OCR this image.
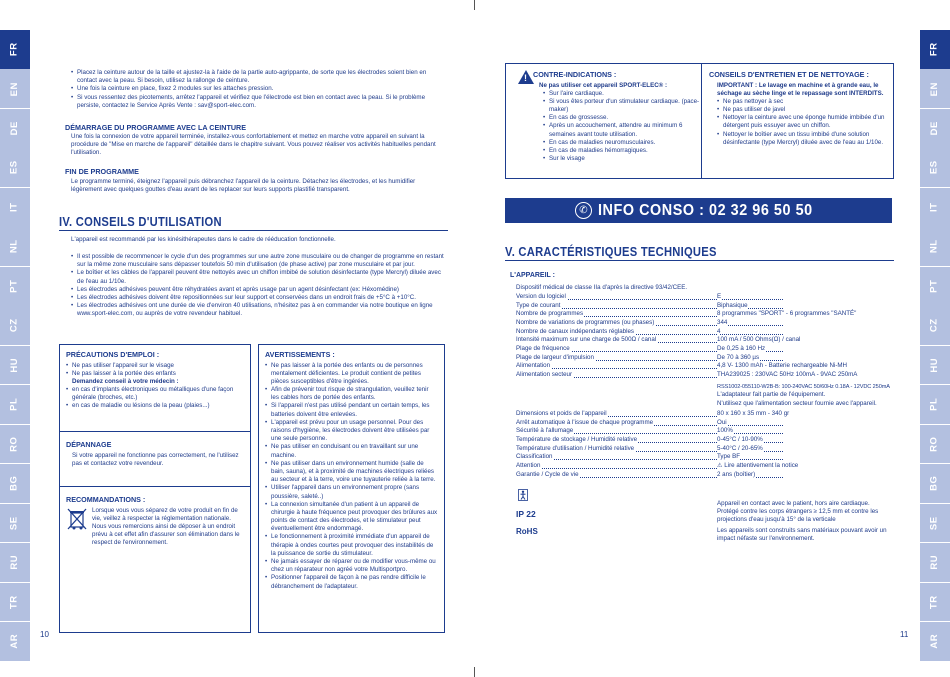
FR
EN
DE
ES
IT
NL
PT
CZ
HU
PL
RO
BG
SE
RU
TR
AR
FR
EN
DE
ES
IT
NL
PT
CZ
HU
PL
RO
BG
SE
RU
TR
AR
• Placez la ceinture autour de la taille et ajustez-la à l'aide de la partie auto-agrippante, de sorte que les électrodes soient bien en contact avec la peau. Si besoin, utilisez la rallonge de ceinture.
• Une fois la ceinture en place, fixez 2 modules sur les attaches pression.
• Si vous ressentez des picotements, arrêtez l'appareil et vérifiez que l'électrode est bien en contact avec la peau. Si le problème persiste, contactez le Service Après Vente : sav@sport-elec.com.
DÉMARRAGE DU PROGRAMME AVEC LA CEINTURE
Une fois la connexion de votre appareil terminée, installez-vous confortablement et mettez en marche votre appareil en suivant la procédure de "Mise en marche de l'appareil" détaillée dans le chapitre suivant. Vous pouvez réaliser vos activités habituelles pendant l'utilisation.
FIN DE PROGRAMME
Le programme terminé, éteignez l'appareil puis débranchez l'appareil de la ceinture. Détachez les électrodes, et les humidifier légèrement avec quelques gouttes d'eau avant de les replacer sur leurs supports plastifié transparent.
IV. CONSEILS D'UTILISATION
L'appareil est recommandé par les kinésithérapeutes dans le cadre de rééducation fonctionnelle.
• Il est possible de recommencer le cycle d'un des programmes sur une autre zone musculaire ou de changer de programme en restant sur la même zone musculaire sans dépasser toutefois 50 min d'utilisation (de phase active) par zone musculaire et par jour.
• Le boîtier et les câbles de l'appareil peuvent être nettoyés avec un chiffon imbibé de solution désinfectante (type Mercryl) diluée avec de l'eau au 1/10e.
• Les électrodes adhésives peuvent être réhydratées avant et après usage par un agent désinfectant (ex: Héxomédine)
• Les électrodes adhésives doivent être repositionnées sur leur support et conservées dans un endroit frais de +5°C à +10°C.
• Les électrodes adhésives ont une durée de vie d'environ 40 utilisations, n'hésitez pas à en commander via notre boutique en ligne www.sport-elec.com, ou auprès de votre revendeur habituel.
PRÉCAUTIONS D'EMPLOI :
• Ne pas utiliser l'appareil sur le visage
• Ne pas laisser à la portée des enfants
Demandez conseil à votre médecin :
• en cas d'implants électroniques ou métalliques d'une façon générale (broches, etc.)
• en cas de maladie ou lésions de la peau (plaies...)
DÉPANNAGE
Si votre appareil ne fonctionne pas correctement, ne l'utilisez pas et contactez votre revendeur.
RECOMMANDATIONS :
Lorsque vous vous séparez de votre produit en fin de vie, veillez à respecter la réglementation nationale. Nous vous remercions ainsi de déposer à un endroit prévu à cet effet afin d'assurer son élimination dans le respect de l'environnement.
AVERTISSEMENTS :
• Ne pas laisser à la portée des enfants ou de personnes mentalement déficientes. Le produit contient de petites pièces susceptibles d'être ingérées.
• Afin de prévenir tout risque de strangulation, veuillez tenir les cables hors de portée des enfants.
• Si l'appareil n'est pas utilisé pendant un certain temps, les batteries doivent être enlevées.
• L'appareil est prévu pour un usage personnel. Pour des raisons d'hygiène, les électrodes doivent être utilisées par une seule personne.
• Ne pas utiliser en conduisant ou en travaillant sur une machine.
• Ne pas utiliser dans un environnement humide (salle de bain, sauna), et à proximité de machines électriques reliées au secteur et à la terre, voire une tuyauterie reliée à la terre.
• Utiliser l'appareil dans un environnement propre (sans poussière, saleté..)
• La connexion simultanée d'un patient à un appareil de chirurgie à haute fréquence peut provoquer des brûlures aux points de contact des électrodes, et le stimulateur peut éventuellement être endommagé.
• Le fonctionnement à proximité immédiate d'un appareil de thérapie à ondes courtes peut provoquer des instabilités de la puissance de sortie du stimulateur.
• Ne jamais essayer de réparer ou de modifier vous-même ou chez un réparateur non agréé votre Multisportpro.
• Positionner l'appareil de façon à ne pas rendre difficile le débranchement de l'adaptateur.
10
! CONTRE-INDICATIONS :
Ne pas utiliser cet appareil SPORT-ELEC® :
• Sur l'aire cardiaque.
• Si vous êtes porteur d'un stimulateur cardiaque. (pace-maker)
• En cas de grossesse.
• Après un accouchement, attendre au minimum 6 semaines avant toute utilisation.
• En cas de maladies neuromusculaires.
• En cas de maladies hémorragiques.
• Sur le visage
CONSEILS D'ENTRETIEN ET DE NETTOYAGE :
IMPORTANT : Le lavage en machine et à grande eau, le séchage au sèche linge et le repassage sont INTERDITS.
• Ne pas nettoyer à sec
• Ne pas utiliser de javel
• Nettoyer la ceinture avec une éponge humide imbibée d'un détergent puis essuyer avec un chiffon.
• Nettoyer le boîtier avec un tissu imbibé d'une solution désinfectante (type Mercryl) diluée avec de l'eau au 1/10e.
✆ INFO CONSO : 02 32 96 50 50
V. CARACTÉRISTIQUES TECHNIQUES
L'APPAREIL :
Dispositif médical de classe IIa d'après la directive 93/42/CEE.
Version du logiciel	E
Type de courant	Biphasique
Nombre de programmes	8 programmes "SPORT" - 6 programmes "SANTÉ"
Nombre de variations de programmes (ou phases)	344
Nombre de canaux indépendants réglables	4
Intensité maximum sur une charge de 500Ω / canal	100 mA / 500 Ohms(Ω) / canal
Plage de fréquence	De 0,25 à 160 Hz
Plage de largeur d'impulsion	De 70 à 360 µs
Alimentation	4,8 V- 1300 mAh - Batterie rechargeable Ni-MH
Alimentation secteur	THA239025 : 230VAC 50Hz 100mA - 9VAC 250mA
RSS1002-055110-W2B-B: 100-240VAC 50/60Hz 0.18A - 12VDC 250mA
L'adaptateur fait partie de l'équipement.
N'utilisez que l'alimentation secteur fournie avec l'appareil.
Dimensions et poids de l'appareil	80 x 160 x 35 mm - 340 gr
Arrêt automatique à l'issue de chaque programme	Oui
Sécurité à l'allumage	100%
Température de stockage / Humidité relative	0-45°C / 10-90%
Température d'utilisation / Humidité relative	5-40°C / 20-65%
Classification	Type BF
Attention	⚠ Lire attentivement la notice
Garantie / Cycle de vie	2 ans (boîtier)
Appareil en contact avec le patient, hors aire cardiaque.
IP 22	Protégé contre les corps étrangers ≥ 12,5 mm et contre les projections d'eau jusqu'à 15° de la verticale
RoHS	Les appareils sont construits sans matériaux pouvant avoir un impact néfaste sur l'environnement.
11
